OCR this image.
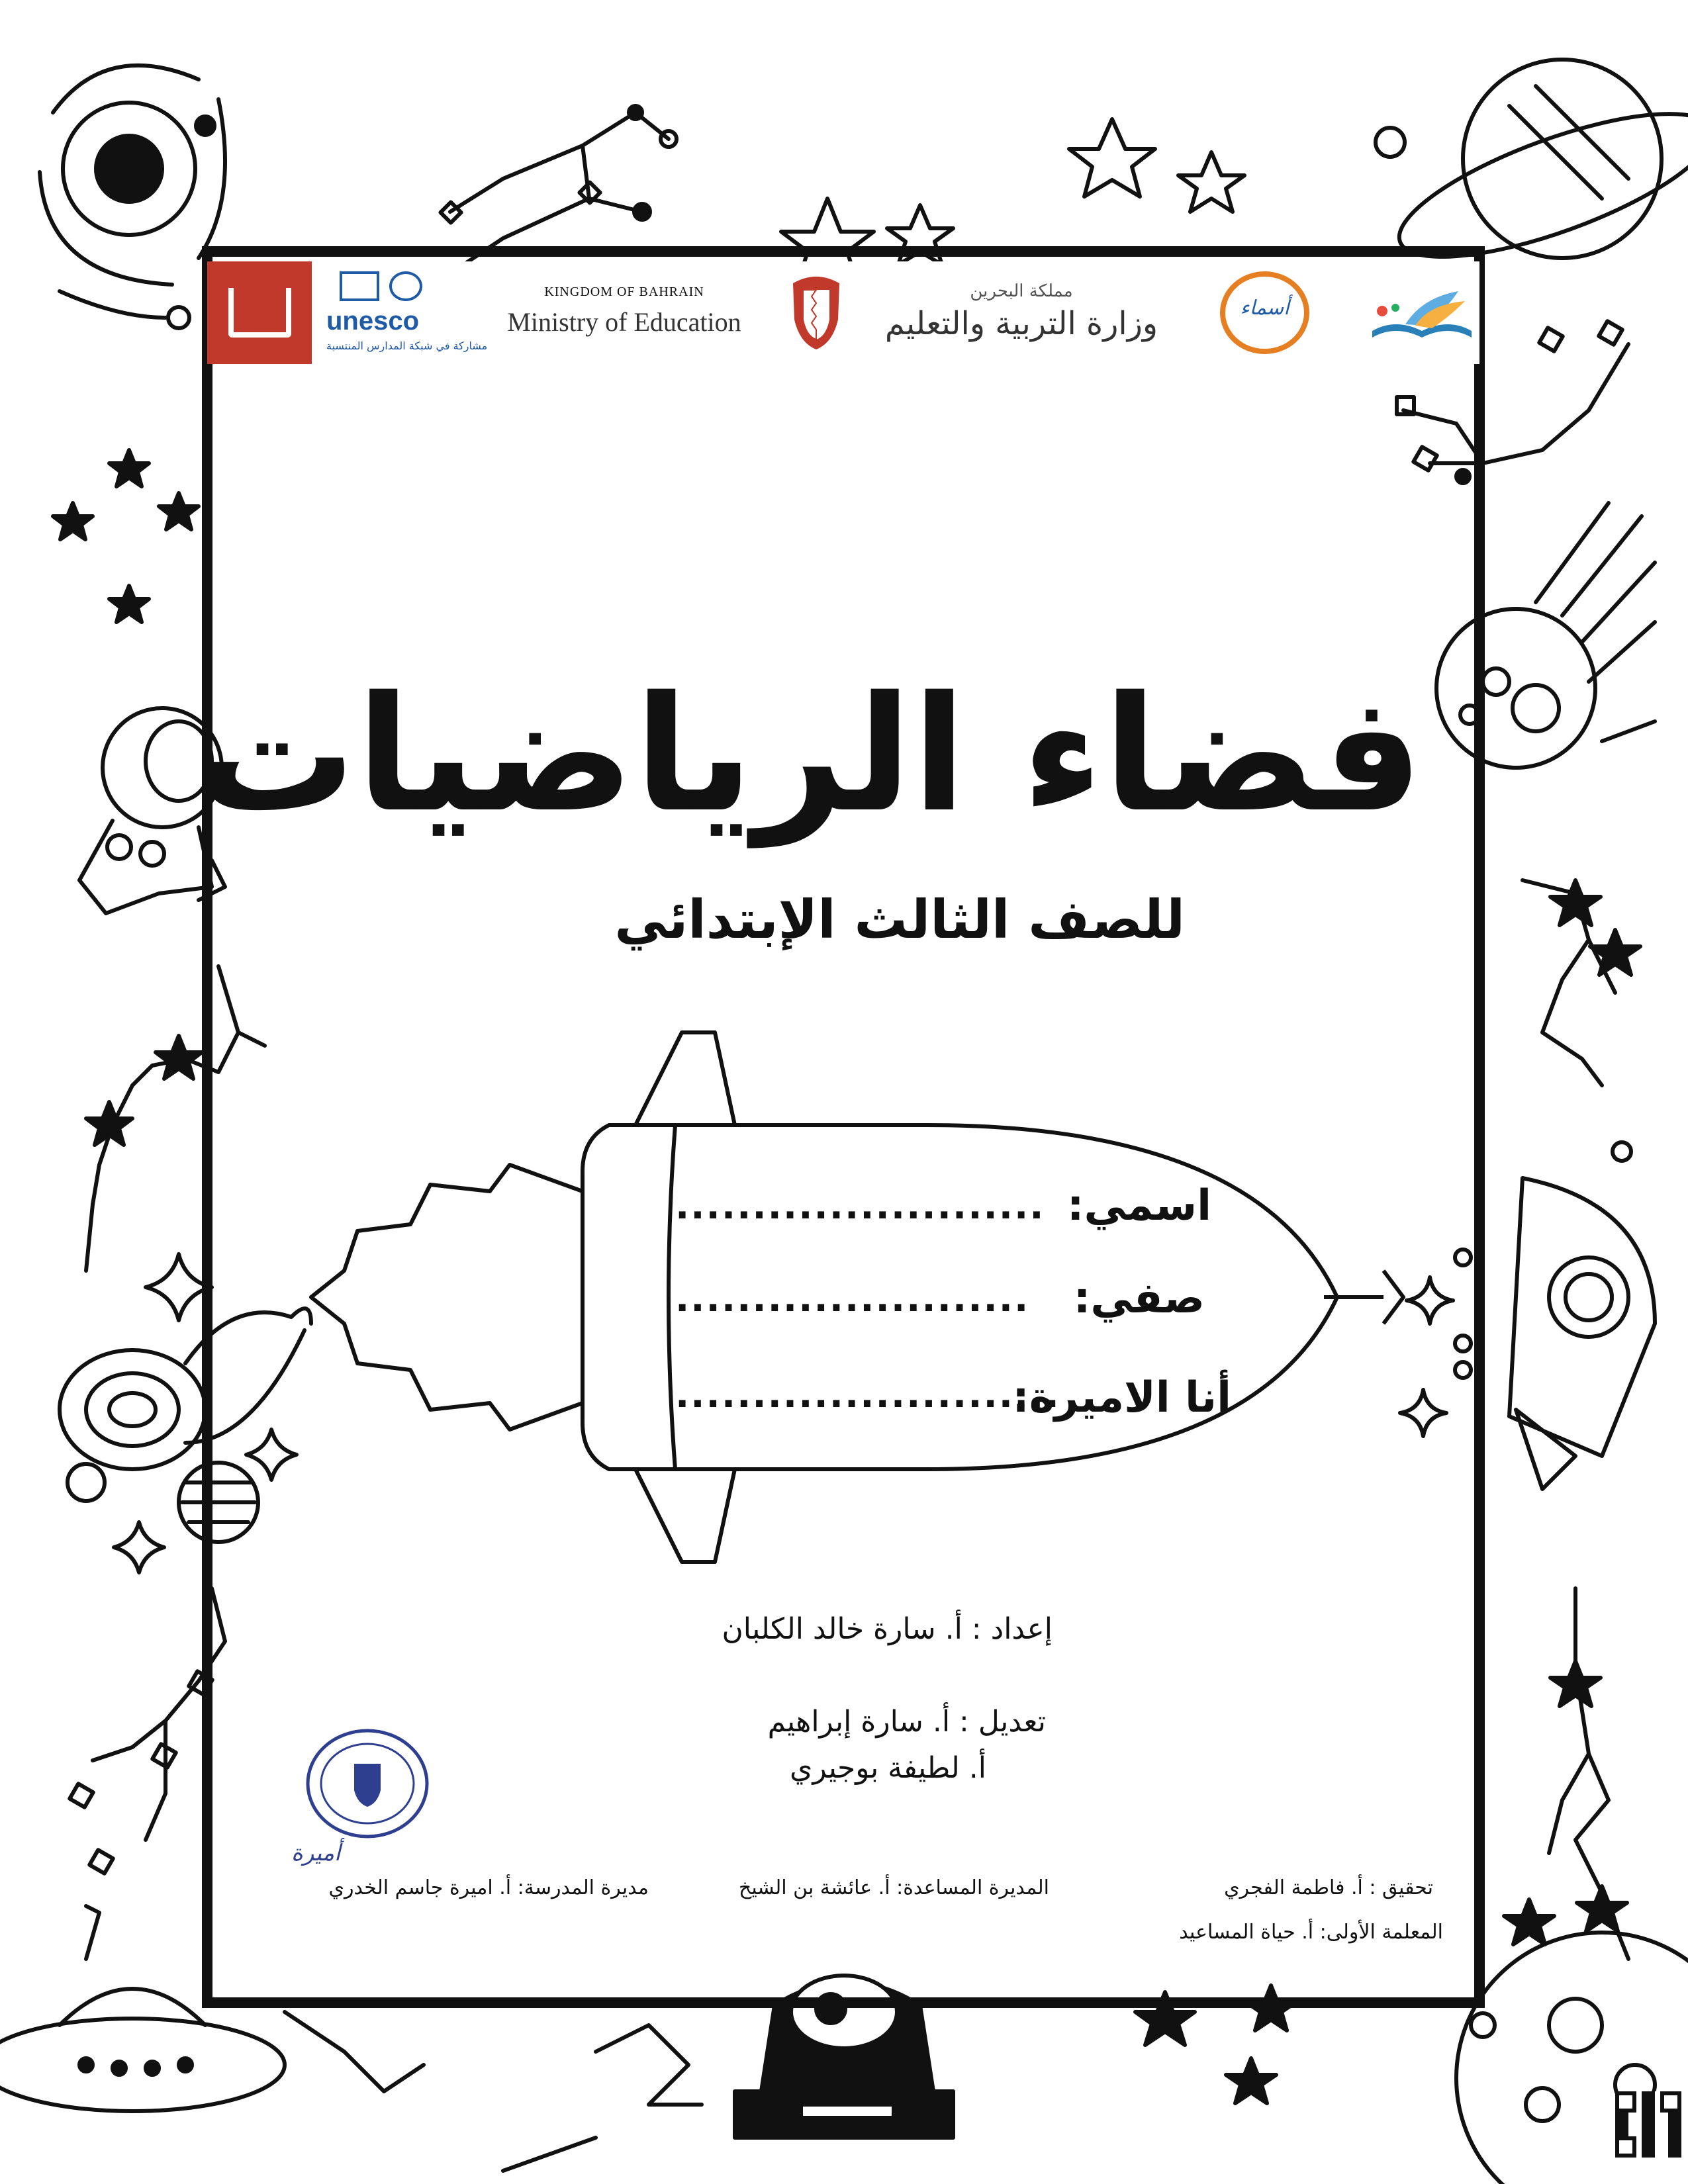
unesco
مشاركة في شبكة المدارس المنتسبة
KINGDOM OF BAHRAIN
Ministry of Education
مملكة البحرين
وزارة التربية والتعليم	أسماء
فضاء الرياضيات
للصف الثالث الإبتدائي
اسمي:
........................
صفي:
.......................
أنا الاميرة:
.........................
إعداد : أ. سارة خالد الكلبان
تعديل : أ. سارة إبراهيم
أ. لطيفة بوجيري
تحقيق : أ. فاطمة الفجري
المديرة المساعدة: أ. عائشة بن الشيخ
مديرة المدرسة: أ. اميرة جاسم الخدري
المعلمة الأولى: أ. حياة المساعيد
أميرة
